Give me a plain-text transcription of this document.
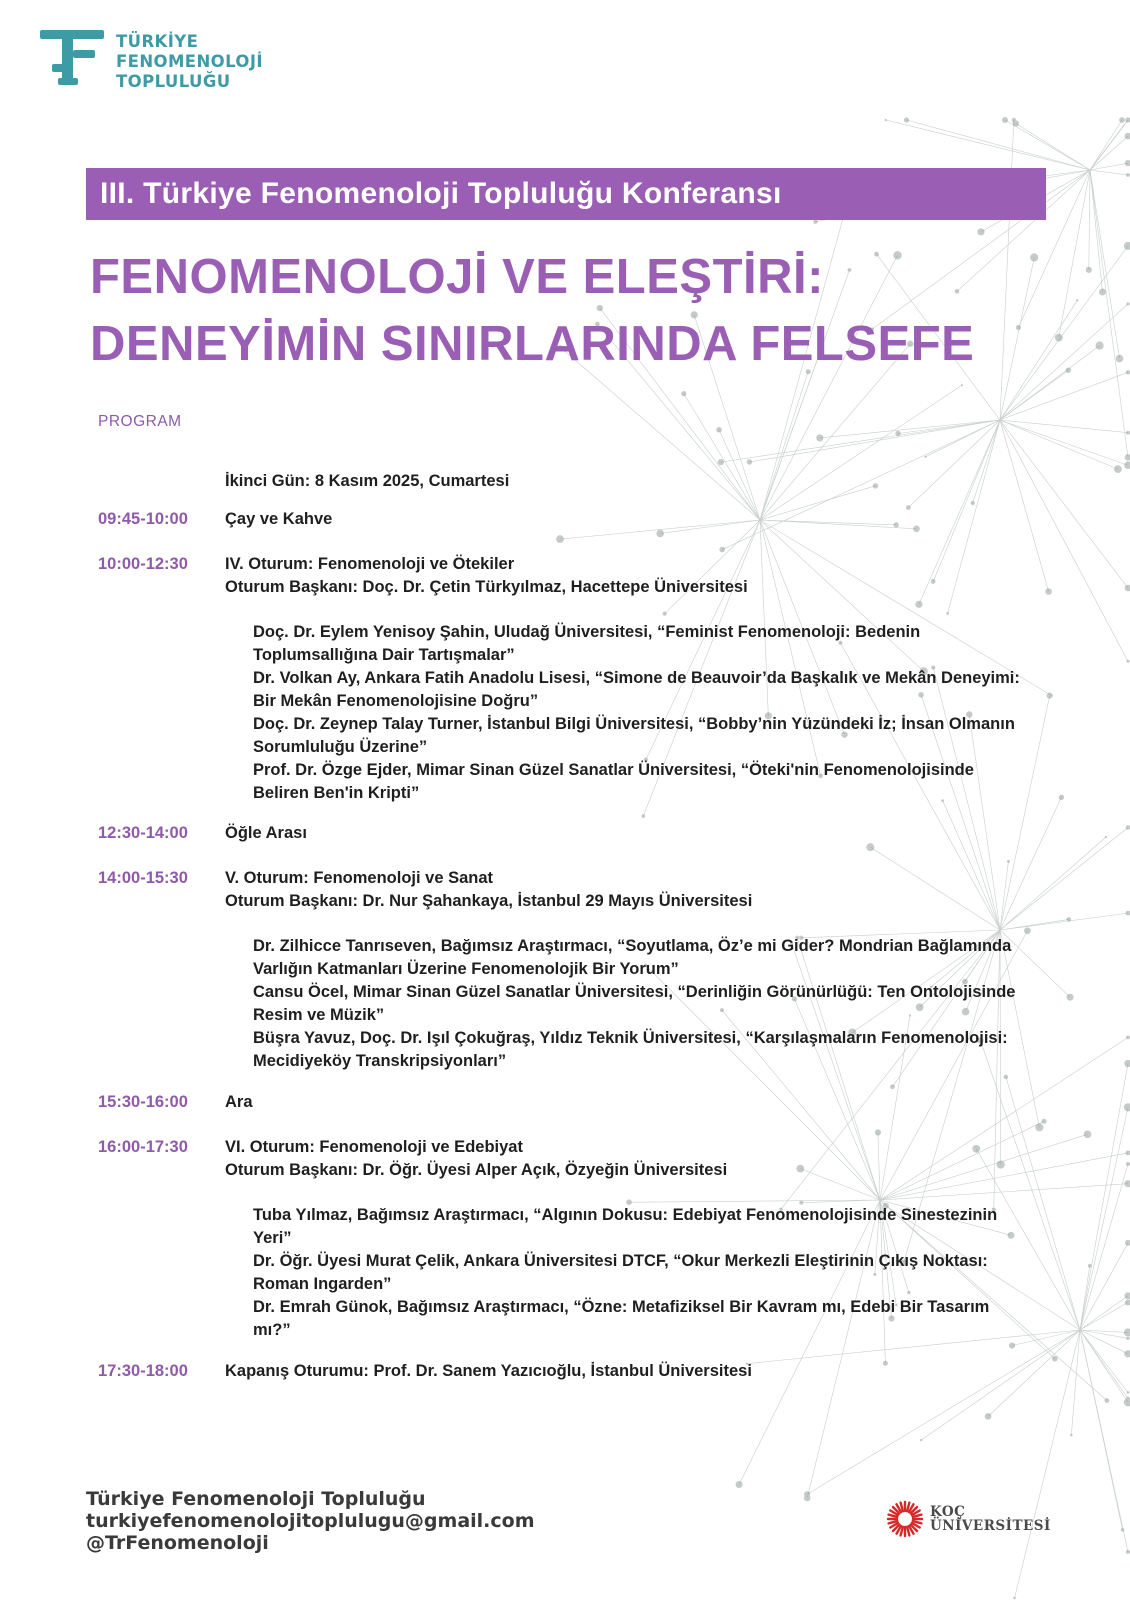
TÜRKİYE
FENOMENOLOJİ
TOPLULUĞU
III. Türkiye Fenomenoloji Topluluğu Konferansı
FENOMENOLOJİ VE ELEŞTİRİ:
DENEYİMİN SINIRLARINDA FELSEFE
PROGRAM
İkinci Gün: 8 Kasım 2025, Cumartesi
09:45-10:00	Çay ve Kahve
10:00-12:30	IV. Oturum: Fenomenoloji ve Ötekiler
Oturum Başkanı: Doç. Dr. Çetin Türkyılmaz, Hacettepe Üniversitesi
Doç. Dr. Eylem Yenisoy Şahin, Uludağ Üniversitesi, “Feminist Fenomenoloji: Bedenin Toplumsallığına Dair Tartışmalar”
Dr. Volkan Ay, Ankara Fatih Anadolu Lisesi, “Simone de Beauvoir’da Başkalık ve Mekân Deneyimi: Bir Mekân Fenomenolojisine Doğru”
Doç. Dr. Zeynep Talay Turner, İstanbul Bilgi Üniversitesi, “Bobby’nin Yüzündeki İz; İnsan Olmanın Sorumluluğu Üzerine”
Prof. Dr. Özge Ejder, Mimar Sinan Güzel Sanatlar Üniversitesi, “Öteki'nin Fenomenolojisinde Beliren Ben'in Kripti”
12:30-14:00	Öğle Arası
14:00-15:30	V. Oturum: Fenomenoloji ve Sanat
Oturum Başkanı: Dr. Nur Şahankaya, İstanbul 29 Mayıs Üniversitesi
Dr. Zilhicce Tanrıseven, Bağımsız Araştırmacı, “Soyutlama, Öz’e mi Gider? Mondrian Bağlamında Varlığın Katmanları Üzerine Fenomenolojik Bir Yorum”
Cansu Öcel, Mimar Sinan Güzel Sanatlar Üniversitesi, “Derinliğin Görünürlüğü: Ten Ontolojisinde Resim ve Müzik”
Büşra Yavuz, Doç. Dr. Işıl Çokuğraş, Yıldız Teknik Üniversitesi, “Karşılaşmaların Fenomenolojisi: Mecidiyeköy Transkripsiyonları”
15:30-16:00	Ara
16:00-17:30	VI. Oturum: Fenomenoloji ve Edebiyat
Oturum Başkanı: Dr. Öğr. Üyesi Alper Açık, Özyeğin Üniversitesi
Tuba Yılmaz, Bağımsız Araştırmacı, “Algının Dokusu: Edebiyat Fenomenolojisinde Sinestezinin Yeri”
Dr. Öğr. Üyesi Murat Çelik, Ankara Üniversitesi DTCF, “Okur Merkezli Eleştirinin Çıkış Noktası: Roman Ingarden”
Dr. Emrah Günok, Bağımsız Araştırmacı, “Özne: Metafiziksel Bir Kavram mı, Edebi Bir Tasarım mı?”
17:30-18:00	Kapanış Oturumu: Prof. Dr. Sanem Yazıcıoğlu, İstanbul Üniversitesi
Türkiye Fenomenoloji Topluluğu
turkiyefenomenolojitoplulugu@gmail.com
@TrFenomenoloji
KOÇ
ÜNİVERSİTESİ
